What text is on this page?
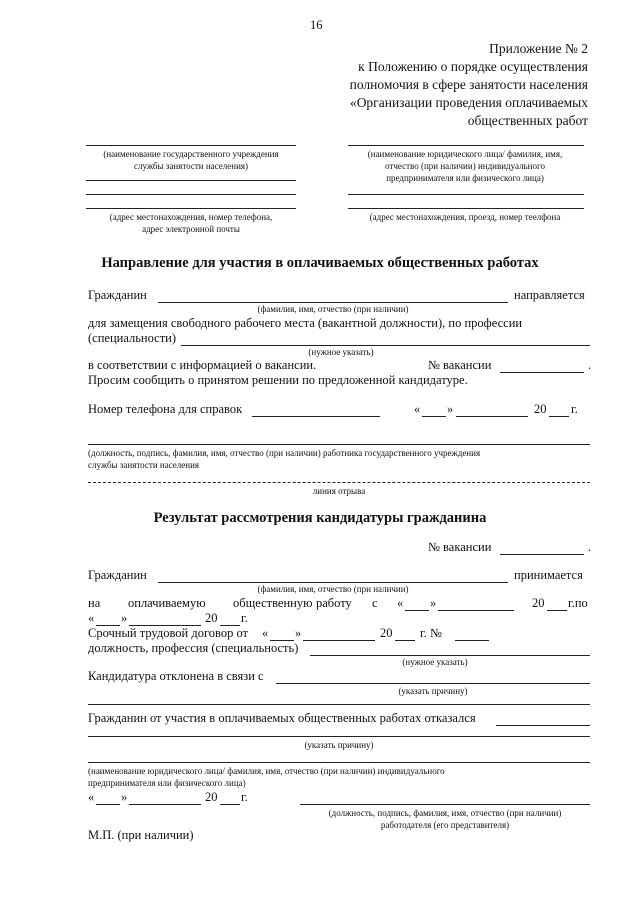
16
Приложение № 2
к Положению о порядке осуществления
полномочия в сфере занятости населения
«Организации проведения оплачиваемых
общественных работ
(наименование государственного учреждения
службы занятости населения)
(наименование юридического лица/ фамилия, имя,
отчество (при наличии) индивидуального
предпринимателя или физического лица)
(адрес местонахождения, номер телефона,
адрес электронной почты
(адрес местонахождения, проезд, номер теелфона
Направление для участия в оплачиваемых общественных работах
Гражданин	направляется
(фамилия, имя, отчество (при наличии)
для замещения свободного рабочего места (вакантной должности), по профессии
(специальности)
(нужное указать)
в соответствии с информацией о вакансии.	№ вакансии	.
Просим сообщить о принятом решении по предложенной кандидатуре.
Номер телефона для справок	« »	20 г.
(должность, подпись, фамилия, имя, отчество (при наличии) работника государственного учреждения
службы занятости населения
линия отрыва
Результат рассмотрения кандидатуры гражданина
№ вакансии	.
Гражданин	принимается
(фамилия, имя, отчество (при наличии)
на оплачиваемую общественную работу с « »	20 г.по
« »	20 г.
Срочный трудовой договор от « »	20 г. №
должность, профессия (специальность)
(нужное указать)
Кандидатура отклонена в связи с
(указать причину)
Гражданин от участия в оплачиваемых общественных работах отказался
(указать причину)
(наименование юридического лица/ фамилия, имя, отчество (при наличии) индивидуального
предпринимателя или физического лица)
« »	20 г.
(должность, подпись, фамилия, имя, отчество (при наличии)
работодателя (его представителя)
М.П. (при наличии)
